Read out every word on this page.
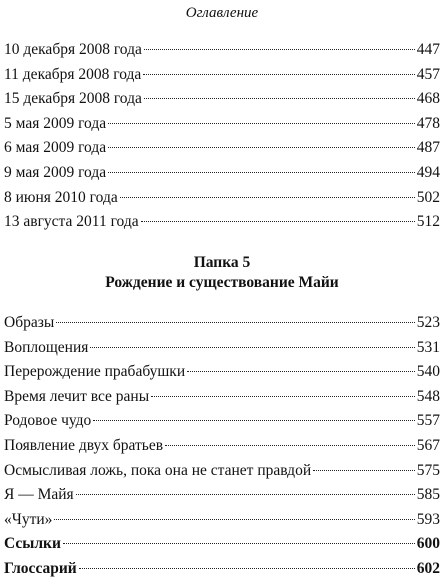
Оглавление
10 декабря 2008 года	447
11 декабря 2008 года	457
15 декабря 2008 года	468
5 мая 2009 года	478
6 мая 2009 года	487
9 мая 2009 года	494
8 июня 2010 года	502
13 августа 2011 года	512
Папка 5
Рождение и существование Майи
Образы	523
Воплощения	531
Перерождение прабабушки	540
Время лечит все раны	548
Родовое чудо	557
Появление двух братьев	567
Осмысливая ложь, пока она не станет правдой	575
Я — Майя	585
«Чути»	593
Ссылки	600
Глоссарий	602
